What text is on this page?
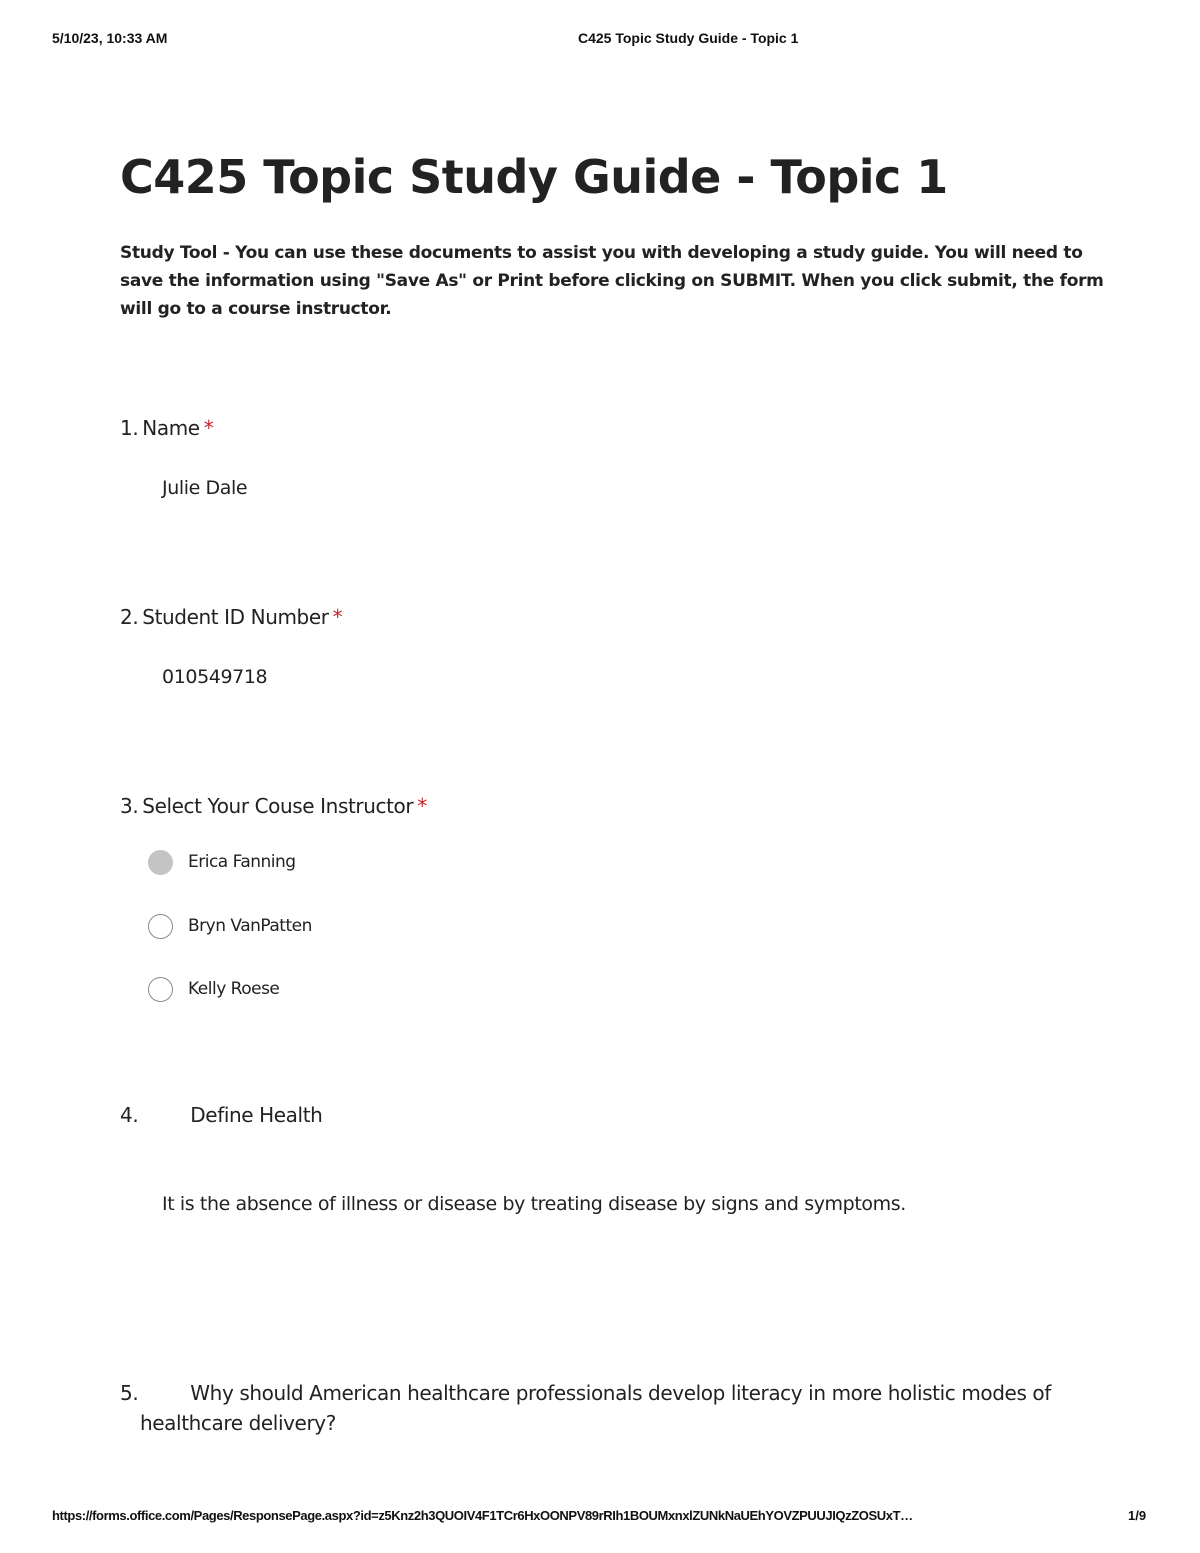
5/10/23, 10:33 AM	C425 Topic Study Guide - Topic 1
C425 Topic Study Guide - Topic 1

Study Tool - You can use these documents to assist you with developing a study guide. You will need to save the information using "Save As" or Print before clicking on SUBMIT. When you click submit, the form will go to a course instructor.

1. Name *
Julie Dale
2. Student ID Number *
010549718
3. Select Your Couse Instructor *
Erica Fanning
Bryn VanPatten
Kelly Roese
4.	Define Health
It is the absence of illness or disease by treating disease by signs and symptoms.
5.	Why should American healthcare professionals develop literacy in more holistic modes of
healthcare delivery?
https://forms.office.com/Pages/ResponsePage.aspx?id=z5Knz2h3QUOIV4F1TCr6HxOONPV89rRIh1BOUMxnxlZUNkNaUEhYOVZPUUJIQzZOSUxT…	1/9
